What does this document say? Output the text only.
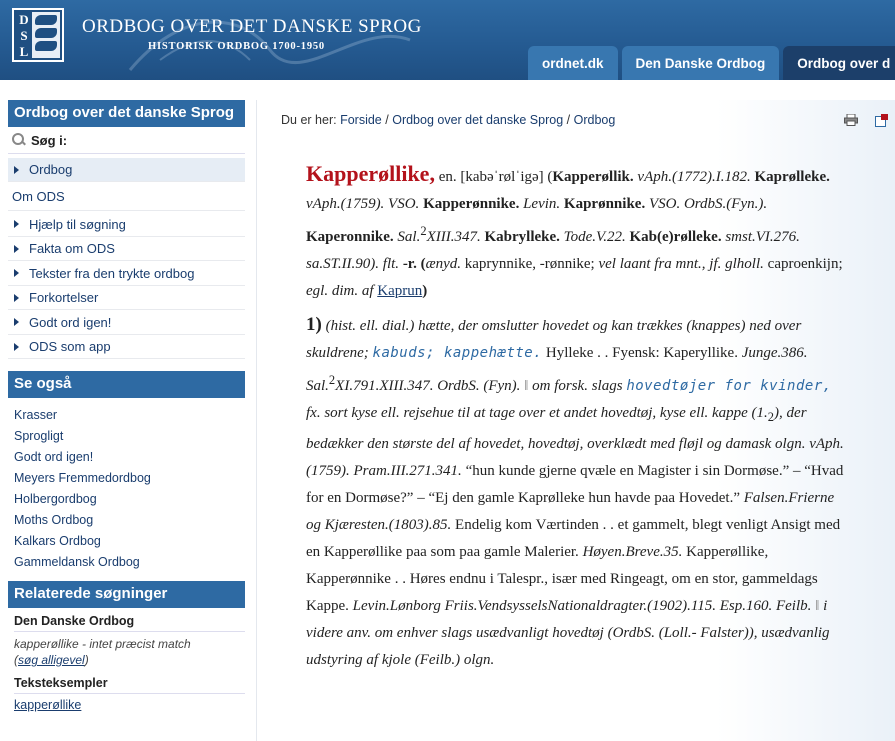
D
S
L
ORDBOG OVER DET DANSKE SPROG
HISTORISK ORDBOG 1700-1950
ordnet.dk	Den Danske Ordbog	Ordbog over d
Ordbog over det danske Sprog
Søg i:
Ordbog
Om ODS
Hjælp til søgning
Fakta om ODS
Tekster fra den trykte ordbog
Forkortelser
Godt ord igen!
ODS som app
Se også
Krasser
Sprogligt
Godt ord igen!
Meyers Fremmedordbog
Holbergordbog
Moths Ordbog
Kalkars Ordbog
Gammeldansk Ordbog
Relaterede søgninger
Den Danske Ordbog
kapperøllike - intet præcist match
(søg alligevel)
Teksteksempler
kapperøllike
Du er her: Forside / Ordbog over det danske Sprog / Ordbog

Kapperøllike, en. [kabəˈrølˈigə] (Kapperøllik. vAph.(1772).I.182. Kaprølleke. vAph.(1759). VSO. Kapperønnike. Levin. Kaprønnike. VSO. OrdbS.(Fyn.). Kaperonnike. Sal.$^2$XIII.347. Kabrylleke. Tode.V.22. Kab(e)rølleke. smst.VI.276. sa.ST.II.90). flt. -r. (ænyd. kaprynnike, -rønnike; vel laant fra mnt., jf. glholl. caproenkijn; egl. dim. af Kaprun)

1) (hist. ell. dial.) hætte, der omslutter hovedet og kan trækkes (knappes) ned over skuldrene; kabuds; kappehætte. Hylleke . . Fyensk: Kaperyllike. Junge.386. Sal.$^2$XI.791.XIII.347. OrdbS. (Fyn). ‖ om forsk. slags hovedtøjer for kvinder, fx. sort kyse ell. rejsehue til at tage over et andet hovedtøj, kyse ell. kappe $(1._2)$, der bedækker den største del af hovedet, hovedtøj, overklædt med fløjl og damask olgn. vAph.(1759). Pram.III.271.341. “hun kunde gjerne qvæle en Magister i sin Dormøse.” – “Hvad for en Dormøse?” – “Ej den gamle Kaprølleke hun havde paa Hovedet.” Falsen.Frierne og Kjæresten.(1803).85. Endelig kom Værtinden . . et gammelt, blegt venligt Ansigt med en Kapperøllike paa som paa gamle Malerier. Høyen.Breve.35. Kapperøllike, Kapperønnike . . Høres endnu i Talespr., især med Ringeagt, om en stor, gammeldags Kappe. Levin.Lønborg Friis.VendsysselsNationaldragter.(1902).115. Esp.160. Feilb. ‖ i videre anv. om enhver slags usædvanligt hovedtøj (OrdbS. (Loll.- Falster)), usædvanlig udstyring af kjole (Feilb.) olgn.
